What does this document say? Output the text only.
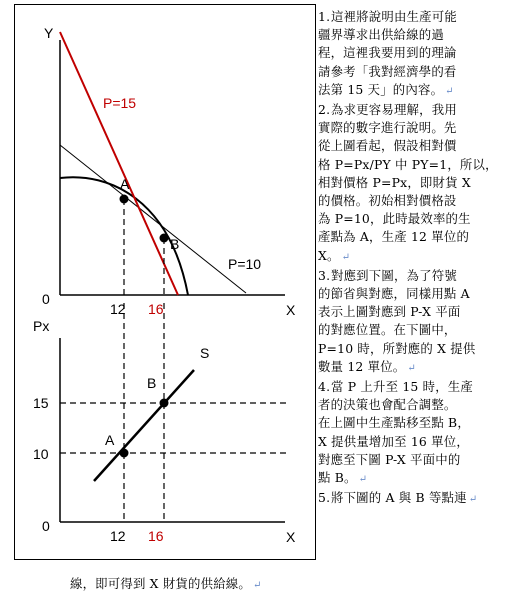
Y
X
0
P=15
P=10
A
B
12 16
Px
X
0
S
A
B
15
10
12 16
1.這裡將說明由生產可能
疆界導求出供給線的過
程，這裡我要用到的理論
請參考「我對經濟學的看
法第 15 天」的內容。 ↵
2.為求更容易理解，我用
實際的數字進行說明。先
從上圖看起，假設相對價
格 P=Px/PY 中 PY=1，所以，
相對價格 P=Px，即財貨 X
的價格。初始相對價格設
為 P=10，此時最效率的生
產點為 A，生產 12 單位的
X。 ↵
3.對應到下圖，為了符號
的節省與對應，同樣用點 A
表示上圖對應到 P-X 平面
的對應位置。在下圖中，
P=10 時，所對應的 X 提供
數量 12 單位。 ↵
4.當 P 上升至 15 時，生產
者的決策也會配合調整。
在上圖中生產點移至點 B，
X 提供量增加至 16 單位，
對應至下圖 P-X 平面中的
點 B。 ↵
5.將下圖的 A 與 B 等點連 ↵
線，即可得到 X 財貨的供給線。 ↵
